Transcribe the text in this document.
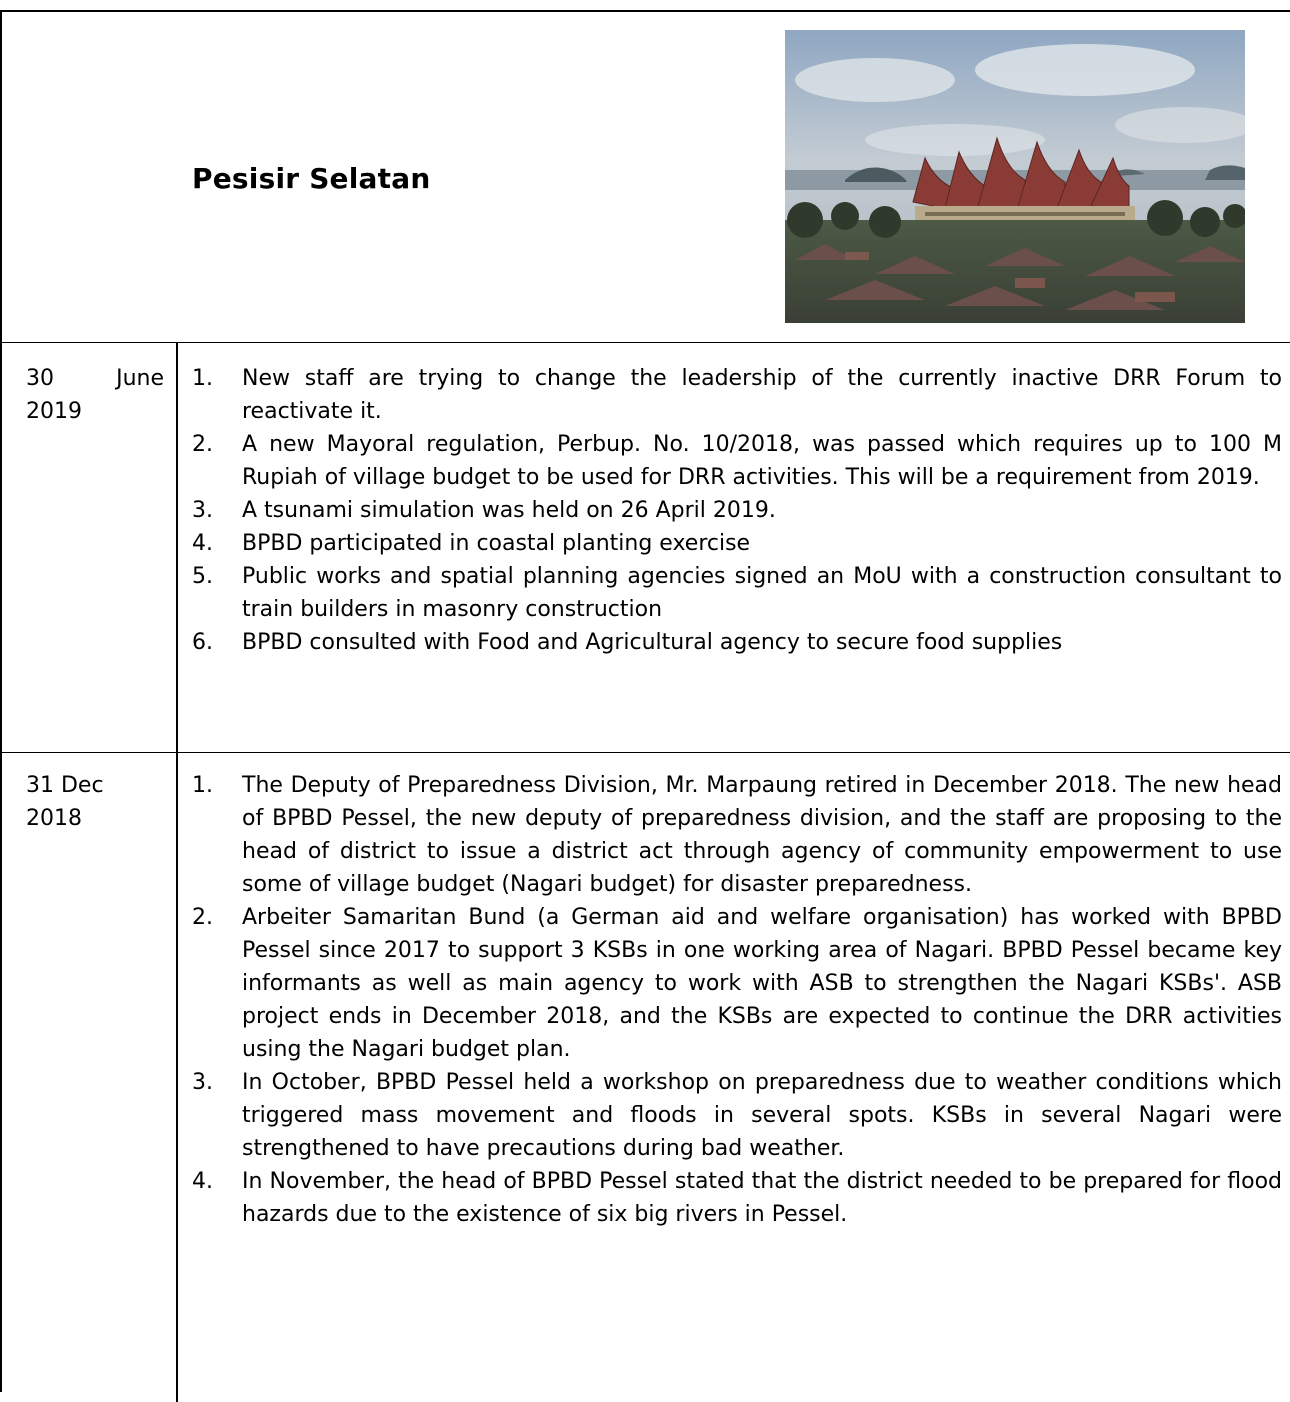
Pesisir Selatan
30	June
2019
1. New staff are trying to change the leadership of the currently inactive DRR Forum to reactivate it.
2. A new Mayoral regulation, Perbup. No. 10/2018, was passed which requires up to 100 M Rupiah of village budget to be used for DRR activities. This will be a requirement from 2019.
3. A tsunami simulation was held on 26 April 2019.
4. BPBD participated in coastal planting exercise
5. Public works and spatial planning agencies signed an MoU with a construction consultant to train builders in masonry construction
6. BPBD consulted with Food and Agricultural agency to secure food supplies
31 Dec
2018
1. The Deputy of Preparedness Division, Mr. Marpaung retired in December 2018. The new head of BPBD Pessel, the new deputy of preparedness division, and the staff are proposing to the head of district to issue a district act through agency of community empowerment to use some of village budget (Nagari budget) for disaster preparedness.
2. Arbeiter Samaritan Bund (a German aid and welfare organisation) has worked with BPBD Pessel since 2017 to support 3 KSBs in one working area of Nagari. BPBD Pessel became key informants as well as main agency to work with ASB to strengthen the Nagari KSBs'. ASB project ends in December 2018, and the KSBs are expected to continue the DRR activities using the Nagari budget plan.
3. In October, BPBD Pessel held a workshop on preparedness due to weather conditions which triggered mass movement and floods in several spots. KSBs in several Nagari were strengthened to have precautions during bad weather.
4. In November, the head of BPBD Pessel stated that the district needed to be prepared for flood hazards due to the existence of six big rivers in Pessel.
